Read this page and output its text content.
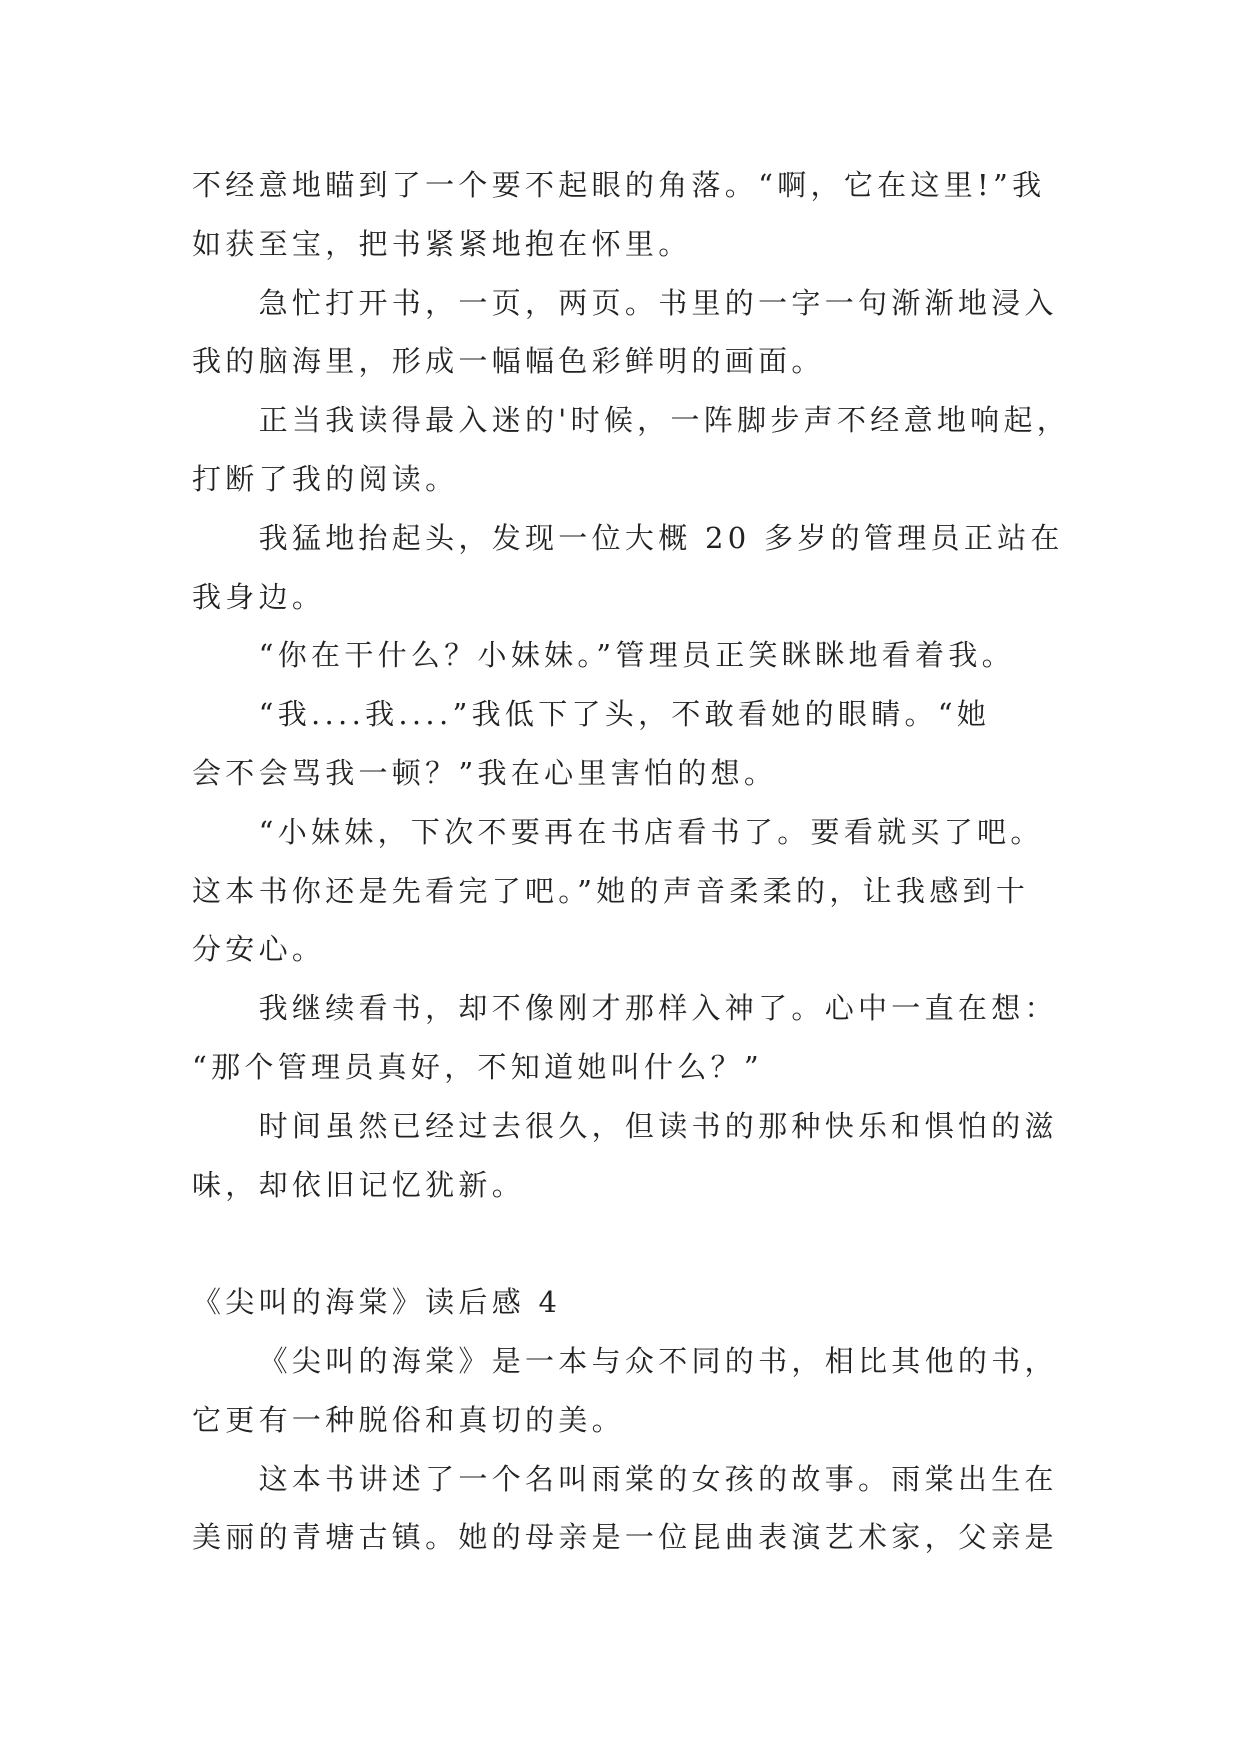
不经意地瞄到了一个要不起眼的角落。“啊，它在这里!”我
如获至宝，把书紧紧地抱在怀里。
急忙打开书，一页，两页。书里的一字一句渐渐地浸入
我的脑海里，形成一幅幅色彩鲜明的画面。
正当我读得最入迷的'时候，一阵脚步声不经意地响起，
打断了我的阅读。
我猛地抬起头，发现一位大概 20 多岁的管理员正站在
我身边。
“你在干什么？小妹妹。”管理员正笑眯眯地看着我。
“我....我....”我低下了头，不敢看她的眼睛。“她
会不会骂我一顿？”我在心里害怕的想。
“小妹妹，下次不要再在书店看书了。要看就买了吧。
这本书你还是先看完了吧。”她的声音柔柔的，让我感到十
分安心。
我继续看书，却不像刚才那样入神了。心中一直在想：
“那个管理员真好，不知道她叫什么？”
时间虽然已经过去很久，但读书的那种快乐和惧怕的滋
味，却依旧记忆犹新。
《尖叫的海棠》读后感 4
《尖叫的海棠》是一本与众不同的书，相比其他的书，
它更有一种脱俗和真切的美。
这本书讲述了一个名叫雨棠的女孩的故事。雨棠出生在
美丽的青塘古镇。她的母亲是一位昆曲表演艺术家，父亲是
